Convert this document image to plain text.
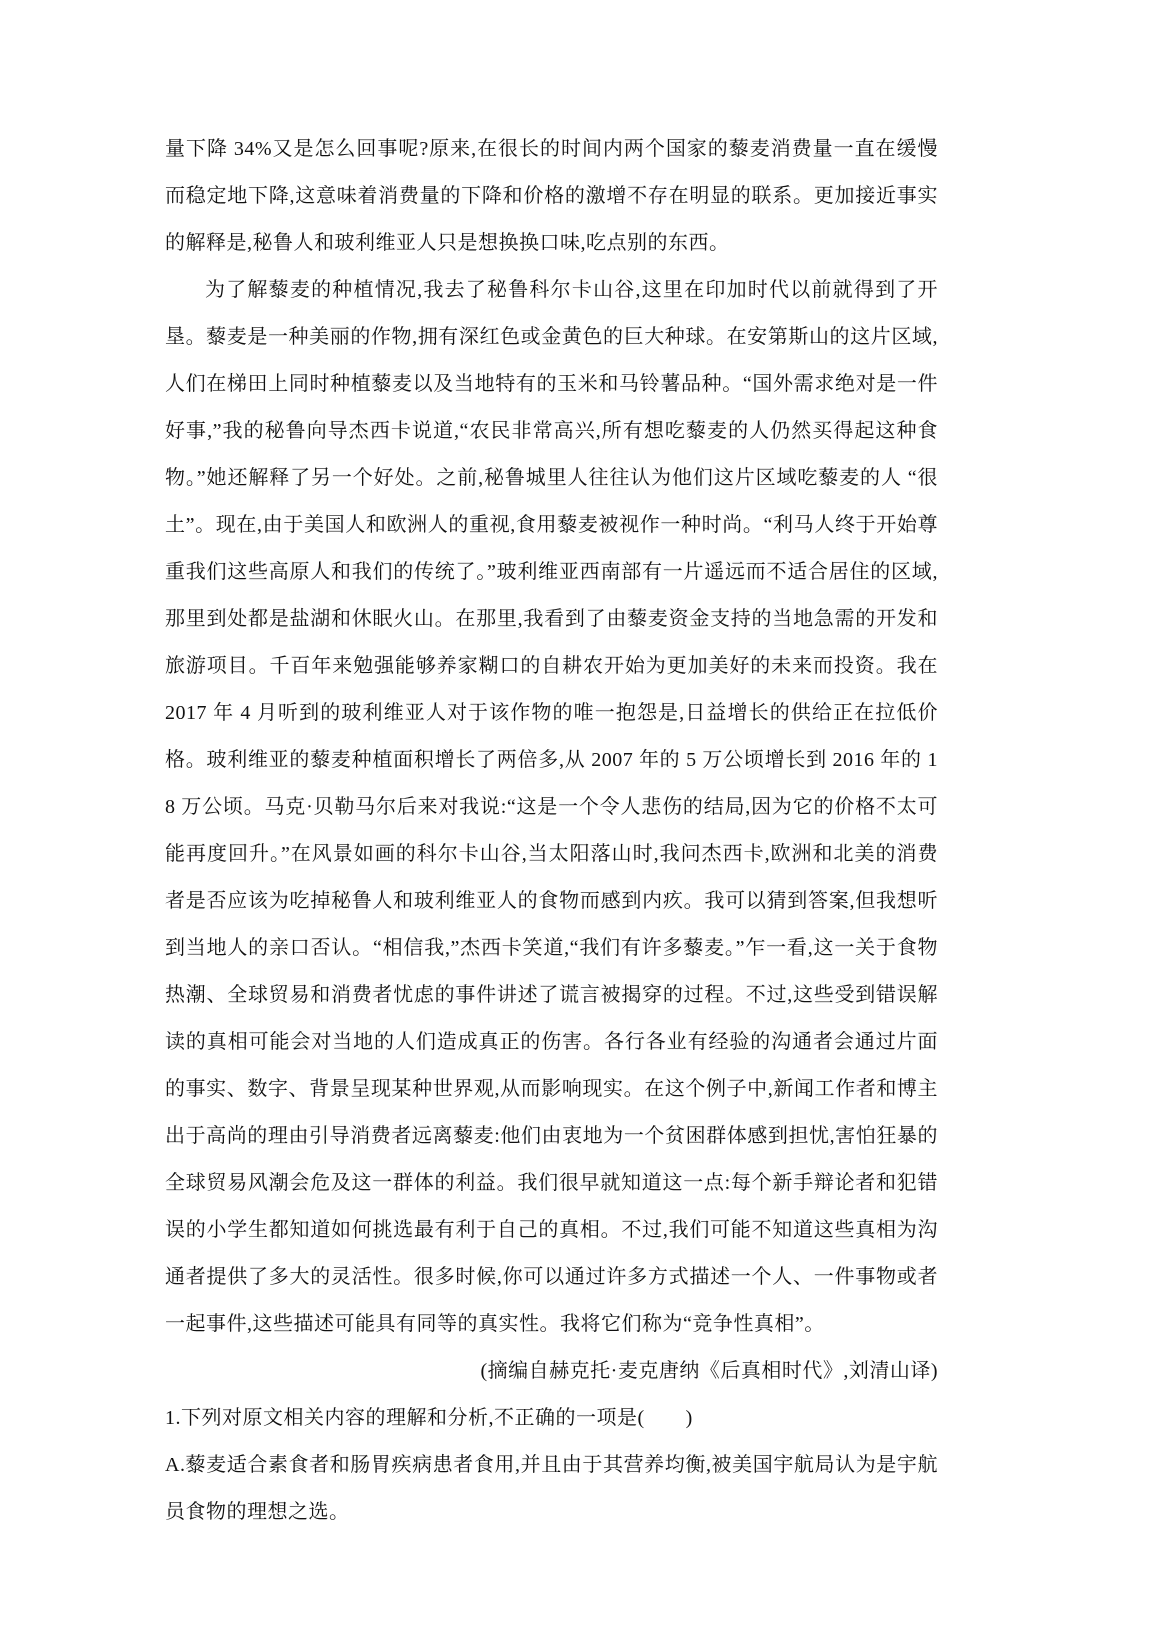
量下降 34%又是怎么回事呢?原来,在很长的时间内两个国家的藜麦消费量一直在缓慢而稳定地下降,这意味着消费量的下降和价格的激增不存在明显的联系。更加接近事实的解释是,秘鲁人和玻利维亚人只是想换换口味,吃点别的东西。

为了解藜麦的种植情况,我去了秘鲁科尔卡山谷,这里在印加时代以前就得到了开垦。藜麦是一种美丽的作物,拥有深红色或金黄色的巨大种球。在安第斯山的这片区域,人们在梯田上同时种植藜麦以及当地特有的玉米和马铃薯品种。“国外需求绝对是一件好事,”我的秘鲁向导杰西卡说道,“农民非常高兴,所有想吃藜麦的人仍然买得起这种食物。”她还解释了另一个好处。之前,秘鲁城里人往往认为他们这片区域吃藜麦的人 “很土”。现在,由于美国人和欧洲人的重视,食用藜麦被视作一种时尚。“利马人终于开始尊重我们这些高原人和我们的传统了。”玻利维亚西南部有一片遥远而不适合居住的区域,那里到处都是盐湖和休眠火山。在那里,我看到了由藜麦资金支持的当地急需的开发和旅游项目。千百年来勉强能够养家糊口的自耕农开始为更加美好的未来而投资。我在 2017 年 4 月听到的玻利维亚人对于该作物的唯一抱怨是,日益增长的供给正在拉低价格。玻利维亚的藜麦种植面积增长了两倍多,从 2007 年的 5 万公顷增长到 2016 年的 18 万公顷。马克·贝勒马尔后来对我说:“这是一个令人悲伤的结局,因为它的价格不太可能再度回升。”在风景如画的科尔卡山谷,当太阳落山时,我问杰西卡,欧洲和北美的消费者是否应该为吃掉秘鲁人和玻利维亚人的食物而感到内疚。我可以猜到答案,但我想听到当地人的亲口否认。“相信我,”杰西卡笑道,“我们有许多藜麦。”乍一看,这一关于食物热潮、全球贸易和消费者忧虑的事件讲述了谎言被揭穿的过程。不过,这些受到错误解读的真相可能会对当地的人们造成真正的伤害。各行各业有经验的沟通者会通过片面的事实、数字、背景呈现某种世界观,从而影响现实。在这个例子中,新闻工作者和博主出于高尚的理由引导消费者远离藜麦:他们由衷地为一个贫困群体感到担忧,害怕狂暴的全球贸易风潮会危及这一群体的利益。我们很早就知道这一点:每个新手辩论者和犯错误的小学生都知道如何挑选最有利于自己的真相。不过,我们可能不知道这些真相为沟通者提供了多大的灵活性。很多时候,你可以通过许多方式描述一个人、一件事物或者一起事件,这些描述可能具有同等的真实性。我将它们称为“竞争性真相”。

(摘编自赫克托·麦克唐纳《后真相时代》,刘清山译)

1.下列对原文相关内容的理解和分析,不正确的一项是(　　)

A.藜麦适合素食者和肠胃疾病患者食用,并且由于其营养均衡,被美国宇航局认为是宇航员食物的理想之选。
